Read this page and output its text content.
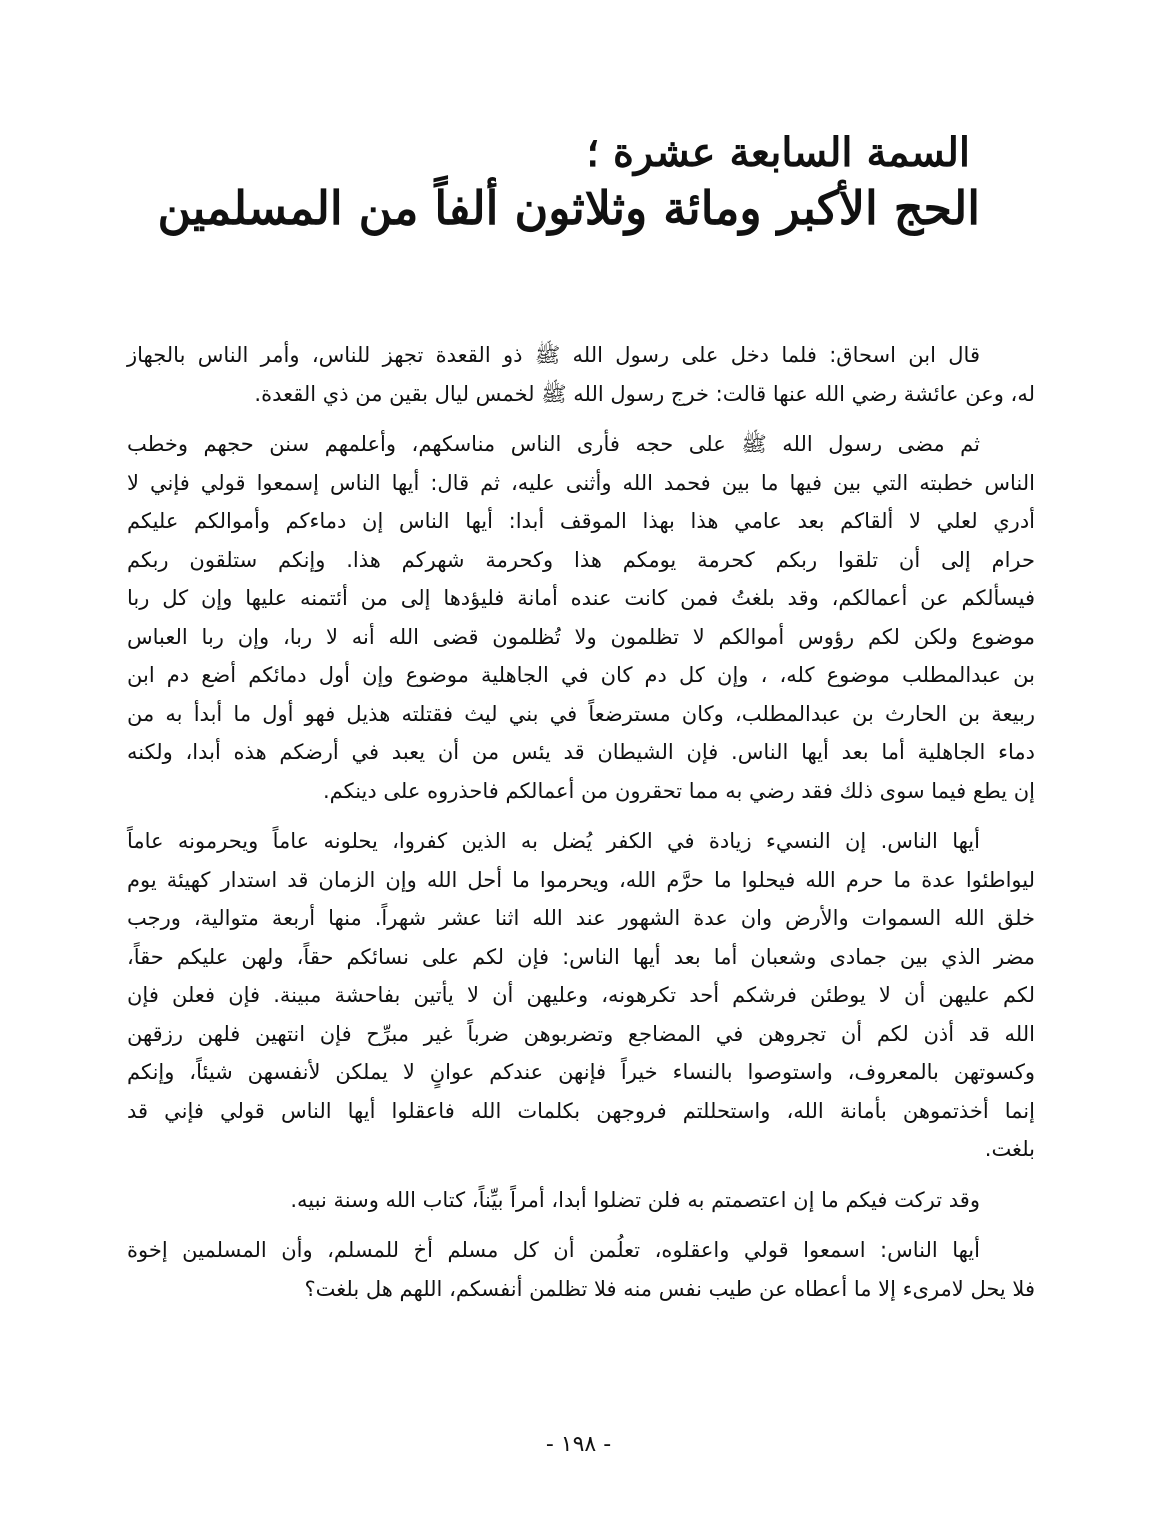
السمة السابعة عشرة ؛
الحج الأكبر ومائة وثلاثون ألفاً من المسلمين
قال ابن اسحاق: فلما دخل على رسول الله ﷺ ذو القعدة تجهز للناس، وأمر الناس بالجهاز
له، وعن عائشة رضي الله عنها قالت: خرج رسول الله ﷺ لخمس ليال بقين من ذي القعدة.
ثم مضى رسول الله ﷺ على حجه فأرى الناس مناسكهم، وأعلمهم سنن حجهم وخطب
الناس خطبته التي بين فيها ما بين فحمد الله وأثنى عليه، ثم قال: أيها الناس إسمعوا قولي فإني لا
أدري لعلي لا ألقاكم بعد عامي هذا بهذا الموقف أبدا: أيها الناس إن دماءكم وأموالكم عليكم
حرام إلى أن تلقوا ربكم كحرمة يومكم هذا وكحرمة شهركم هذا. وإنكم ستلقون ربكم
فيسألكم عن أعمالكم، وقد بلغتُ فمن كانت عنده أمانة فليؤدها إلى من أئتمنه عليها وإن كل ربا
موضوع ولكن لكم رؤوس أموالكم لا تظلمون ولا تُظلمون قضى الله أنه لا ربا، وإن ربا العباس
بن عبدالمطلب موضوع كله، ، وإن كل دم كان في الجاهلية موضوع وإن أول دمائكم أضع دم ابن
ربيعة بن الحارث بن عبدالمطلب، وكان مسترضعاً في بني ليث فقتلته هذيل فهو أول ما أبدأ به من
دماء الجاهلية أما بعد أيها الناس. فإن الشيطان قد يئس من أن يعبد في أرضكم هذه أبدا، ولكنه
إن يطع فيما سوى ذلك فقد رضي به مما تحقرون من أعمالكم فاحذروه على دينكم.
أيها الناس. إن النسيء زيادة في الكفر يُضل به الذين كفروا، يحلونه عاماً ويحرمونه عاماً
ليواطئوا عدة ما حرم الله فيحلوا ما حرَّم الله، ويحرموا ما أحل الله وإن الزمان قد استدار كهيئة يوم
خلق الله السموات والأرض وان عدة الشهور عند الله اثنا عشر شهراً. منها أربعة متوالية، ورجب
مضر الذي بين جمادى وشعبان أما بعد أيها الناس: فإن لكم على نسائكم حقاً، ولهن عليكم حقاً،
لكم عليهن أن لا يوطئن فرشكم أحد تكرهونه، وعليهن أن لا يأتين بفاحشة مبينة. فإن فعلن فإن
الله قد أذن لكم أن تجروهن في المضاجع وتضربوهن ضرباً غير مبرِّح فإن انتهين فلهن رزقهن
وكسوتهن بالمعروف، واستوصوا بالنساء خيراً فإنهن عندكم عوانٍ لا يملكن لأنفسهن شيئاً، وإنكم
إنما أخذتموهن بأمانة الله، واستحللتم فروجهن بكلمات الله فاعقلوا أيها الناس قولي فإني قد
بلغت.
وقد تركت فيكم ما إن اعتصمتم به فلن تضلوا أبدا، أمراً بيِّناً، كتاب الله وسنة نبيه.
أيها الناس: اسمعوا قولي واعقلوه، تعلُمن أن كل مسلم أخ للمسلم، وأن المسلمين إخوة
فلا يحل لامرىء إلا ما أعطاه عن طيب نفس منه فلا تظلمن أنفسكم، اللهم هل بلغت؟
- ١٩٨ -
